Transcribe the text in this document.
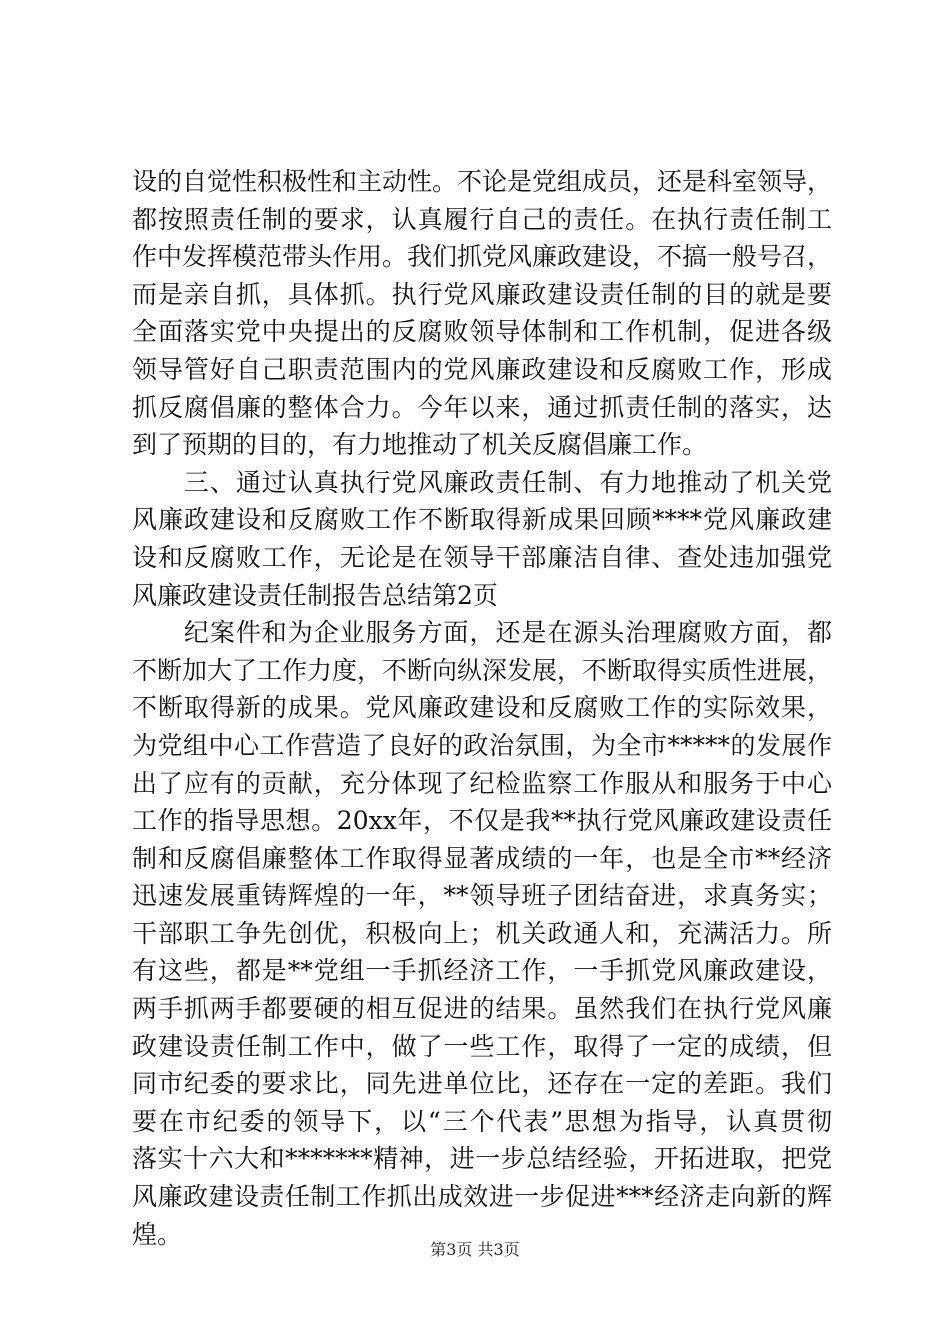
设的自觉性积极性和主动性。不论是党组成员，还是科室领导，
都按照责任制的要求，认真履行自己的责任。在执行责任制工
作中发挥模范带头作用。我们抓党风廉政建设，不搞一般号召，
而是亲自抓，具体抓。执行党风廉政建设责任制的目的就是要
全面落实党中央提出的反腐败领导体制和工作机制，促进各级
领导管好自己职责范围内的党风廉政建设和反腐败工作，形成
抓反腐倡廉的整体合力。今年以来，通过抓责任制的落实，达
到了预期的目的，有力地推动了机关反腐倡廉工作。
　　三、通过认真执行党风廉政责任制、有力地推动了机关党
风廉政建设和反腐败工作不断取得新成果回顾****党风廉政建
设和反腐败工作，无论是在领导干部廉洁自律、查处违加强党
风廉政建设责任制报告总结第2页
　　纪案件和为企业服务方面，还是在源头治理腐败方面，都
不断加大了工作力度，不断向纵深发展，不断取得实质性进展，
不断取得新的成果。党风廉政建设和反腐败工作的实际效果，
为党组中心工作营造了良好的政治氛围，为全市*****的发展作
出了应有的贡献，充分体现了纪检监察工作服从和服务于中心
工作的指导思想。20xx年，不仅是我**执行党风廉政建设责任
制和反腐倡廉整体工作取得显著成绩的一年，也是全市**经济
迅速发展重铸辉煌的一年，**领导班子团结奋进，求真务实；
干部职工争先创优，积极向上；机关政通人和，充满活力。所
有这些，都是**党组一手抓经济工作，一手抓党风廉政建设，
两手抓两手都要硬的相互促进的结果。虽然我们在执行党风廉
政建设责任制工作中，做了一些工作，取得了一定的成绩，但
同市纪委的要求比，同先进单位比，还存在一定的差距。我们
要在市纪委的领导下，以“三个代表”思想为指导，认真贯彻
落实十六大和*******精神，进一步总结经验，开拓进取，把党
风廉政建设责任制工作抓出成效进一步促进***经济走向新的辉
煌。
第3页 共3页
